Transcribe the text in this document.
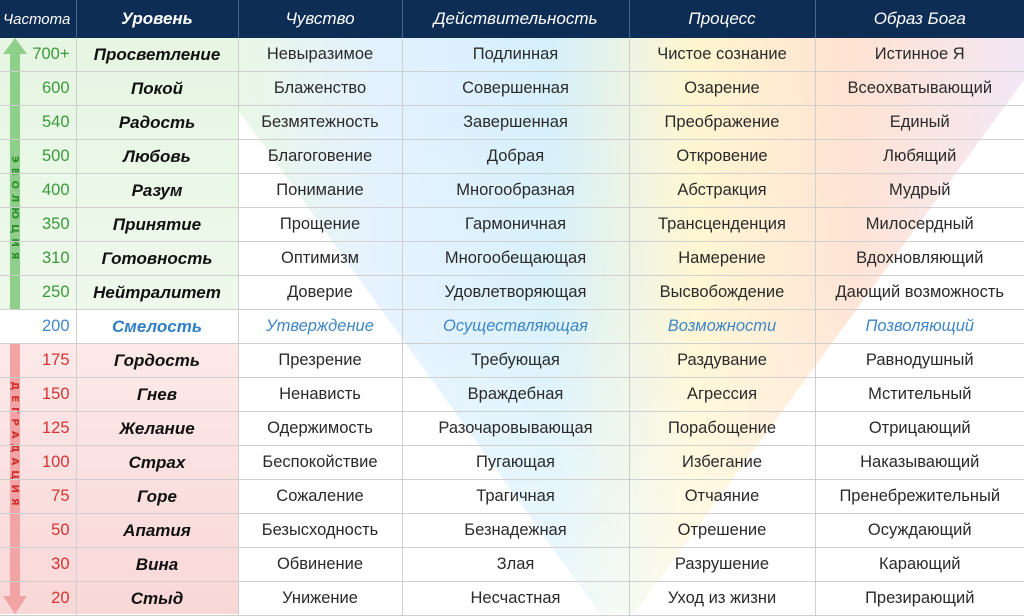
ЭВОЛЮЦИЯ
ДЕГРАДАЦИЯ
Частота	Уровень	Чувство	Действительность	Процесс	Образ Бога
700+	Просветление	Невыразимое	Подлинная	Чистое сознание	Истинное Я
600	Покой	Блаженство	Совершенная	Озарение	Всеохватывающий
540	Радость	Безмятежность	Завершенная	Преображение	Единый
500	Любовь	Благоговение	Добрая	Откровение	Любящий
400	Разум	Понимание	Многообразная	Абстракция	Мудрый
350	Принятие	Прощение	Гармоничная	Трансценденция	Милосердный
310	Готовность	Оптимизм	Многообещающая	Намерение	Вдохновляющий
250	Нейтралитет	Доверие	Удовлетворяющая	Высвобождение	Дающий возможность
200	Смелость	Утверждение	Осуществляющая	Возможности	Позволяющий
175	Гордость	Презрение	Требующая	Раздувание	Равнодушный
150	Гнев	Ненависть	Враждебная	Агрессия	Мстительный
125	Желание	Одержимость	Разочаровывающая	Порабощение	Отрицающий
100	Страх	Беспокойствие	Пугающая	Избегание	Наказывающий
75	Горе	Сожаление	Трагичная	Отчаяние	Пренебрежительный
50	Апатия	Безысходность	Безнадежная	Отрешение	Осуждающий
30	Вина	Обвинение	Злая	Разрушение	Карающий
20	Стыд	Унижение	Несчастная	Уход из жизни	Презирающий
